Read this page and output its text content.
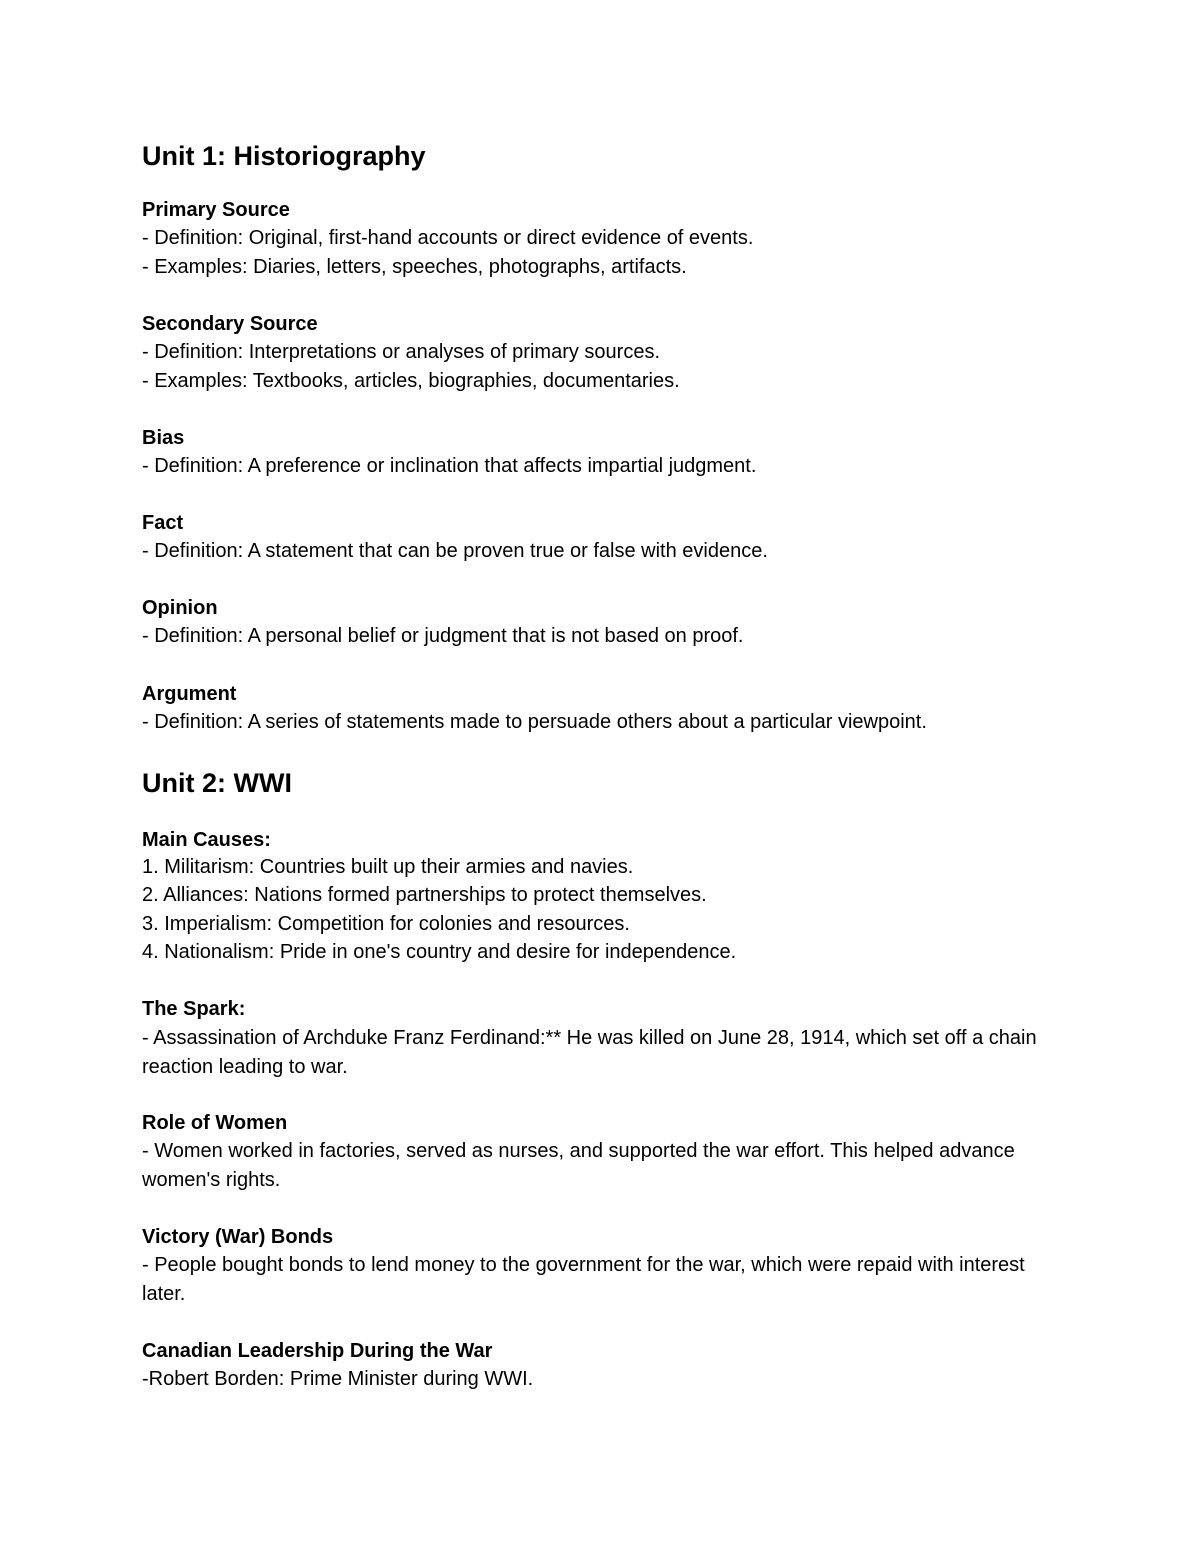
Unit 1: Historiography
Primary Source
- Definition: Original, first-hand accounts or direct evidence of events.
- Examples: Diaries, letters, speeches, photographs, artifacts.
Secondary Source
- Definition: Interpretations or analyses of primary sources.
- Examples: Textbooks, articles, biographies, documentaries.
Bias
- Definition: A preference or inclination that affects impartial judgment.
Fact
- Definition: A statement that can be proven true or false with evidence.
Opinion
- Definition: A personal belief or judgment that is not based on proof.
Argument
- Definition: A series of statements made to persuade others about a particular viewpoint.
Unit 2: WWI
Main Causes:
1. Militarism: Countries built up their armies and navies.
2. Alliances: Nations formed partnerships to protect themselves.
3. Imperialism: Competition for colonies and resources.
4. Nationalism: Pride in one's country and desire for independence.
The Spark:
- Assassination of Archduke Franz Ferdinand:** He was killed on June 28, 1914, which set off a chain reaction leading to war.
Role of Women
- Women worked in factories, served as nurses, and supported the war effort. This helped advance women's rights.
Victory (War) Bonds
- People bought bonds to lend money to the government for the war, which were repaid with interest later.
Canadian Leadership During the War
-Robert Borden: Prime Minister during WWI.
